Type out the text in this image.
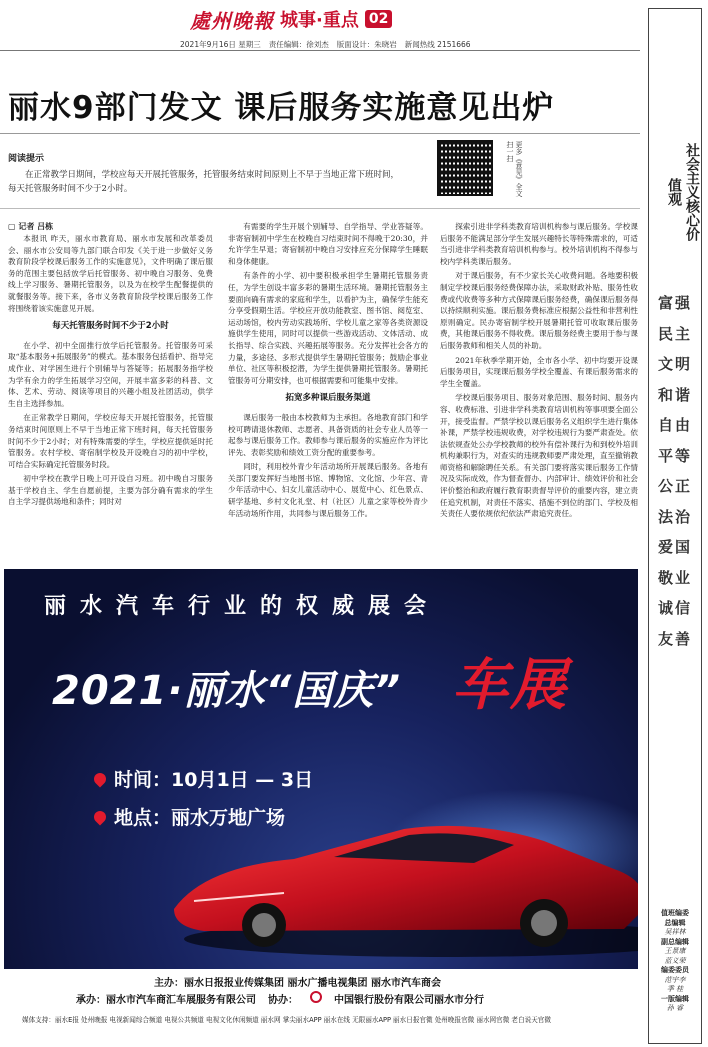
處州晚報 城事·重点 02
2021年9月16日 星期三 责任编辑：徐刘杰 版面设计：朱晓岩 新闻热线 2151666
丽水9部门发文 课后服务实施意见出炉
阅读提示

在正常教学日期间，学校应每天开展托管服务，托管服务结束时间原则上不早于当地正常下班时间，每天托管服务时间不少于2小时。	更多《意见》全文 扫一扫
▢ 记者 吕栋

本报讯 昨天，丽水市教育局、丽水市发展和改革委员会、丽水市公安局等九部门联合印发《关于进一步做好义务教育阶段学校课后服务工作的实施意见》，文件明确了课后服务的范围主要包括放学后托管服务、初中晚自习服务、免费线上学习服务、暑期托管服务，以及为在校学生配餐提供的就餐服务等。接下来，各市义务教育阶段学校课后服务工作将围绕着该实施意见开展。

每天托管服务时间不少于2小时

在小学、初中全面推行放学后托管服务。托管服务可采取“基本服务+拓展服务”的模式。基本服务包括看护、指导完成作业、对学困生进行个别辅导与答疑等；拓展服务指学校为学有余力的学生拓展学习空间，开展丰富多彩的科普、文体、艺术、劳动、阅读等项目的兴趣小组及社团活动，供学生自主选择参加。

在正常教学日期间，学校应每天开展托管服务，托管服务结束时间原则上不早于当地正常下班时间，每天托管服务时间不少于2小时；对有特殊需要的学生，学校应提供延时托管服务。农村学校、寄宿制学校及开设晚自习的初中学校，可结合实际确定托管服务时段。

初中学校在教学日晚上可开设自习班。初中晚自习服务基于学校自主、学生自愿前提，主要为部分确有需求的学生自主学习提供场地和条件；同时对

有需要的学生开展个别辅导、自学指导、学业答疑等。非寄宿制初中学生在校晚自习结束时间不得晚于20:30，并允许学生早退；寄宿制初中晚自习安排应充分保障学生睡眠和身体健康。

有条件的小学、初中要积极承担学生暑期托管服务责任，为学生创设丰富多彩的暑期生活环境。暑期托管服务主要面向确有需求的家庭和学生，以看护为主，确保学生能充分享受假期生活。学校应开放功能教室、图书馆、阅览室、运动场馆，校内劳动实践场所、学校儿童之家等各类资源设施供学生使用，同时可以提供一些游戏活动、文体活动、成长指导、综合实践、兴趣拓展等服务。充分发挥社会各方的力量，多途径、多形式提供学生暑期托管服务；鼓励企事业单位、社区等积极挖潜，为学生提供暑期托管服务。暑期托管服务可分期安排，也可根据需要和可能集中安排。

拓宽多种课后服务渠道

课后服务一般由本校教师为主承担。各地教育部门和学校可聘请退休教师、志愿者、具备资质的社会专业人员等一起参与课后服务工作。教师参与课后服务的实施应作为评比评先、表彰奖励和绩效工资分配的重要参考。

同时，利用校外青少年活动场所开展课后服务。各地有关部门要发挥好当地图书馆、博物馆、文化馆、少年宫、青少年活动中心、妇女儿童活动中心、展览中心、红色景点、研学基地、乡村文化礼堂、村（社区）儿童之家等校外青少年活动场所作用，共同参与课后服务工作。

探索引进非学科类教育培训机构参与课后服务。学校课后服务不能满足部分学生发展兴趣特长等特殊需求的，可适当引进非学科类教育培训机构参与。校外培训机构不得参与校内学科类课后服务。

对于课后服务，有不少家长关心收费问题。各地要积极制定学校课后服务经费保障办法，采取财政补贴、服务性收费或代收费等多种方式保障课后服务经费，确保课后服务得以持续顺利实施。课后服务费标准应根据公益性和非营利性原则确定。民办寄宿制学校开展暑期托管可收取课后服务费，其他课后服务不得收费。课后服务经费主要用于参与课后服务教师和相关人员的补助。

2021年秋季学期开始，全市各小学、初中均要开设课后服务项目，实现课后服务学校全覆盖、有课后服务需求的学生全覆盖。

学校课后服务项目、服务对象范围、服务时间、服务内容、收费标准、引进非学科类教育培训机构等事项要全面公开，接受监督。严禁学校以课后服务名义组织学生进行集体补课，严禁学校违规收费，对学校违规行为要严肃查处。依法依规查处公办学校教师的校外有偿补课行为和到校外培训机构兼职行为，对查实的违规教师要严肃处理，直至撤销教师资格和解除聘任关系。有关部门要将落实课后服务工作情况及实际成效，作为督查督办、内部审计、绩效评价和社会评价整治和政府履行教育职责督导评价的重要内容，建立责任追究机制，对责任不落实、措施不到位的部门、学校及相关责任人要依规依纪依法严肃追究责任。

丽水汽车行业的权威展会
2021·丽水“国庆” 车展
时间：10月1日 — 3日
地点：丽水万地广场
主办：丽水日报报业传媒集团 丽水广播电视集团 丽水市汽车商会
承办：丽水市汽车商汇车展服务有限公司 协办：	中国银行股份有限公司丽水市分行
媒体支持：丽水E报 处州晚报 电视新闻综合频道 电视公共频道 电视文化休闲频道 丽水网 掌尖丽水APP 丽水在线 无限丽水APP 丽水日报官微 处州晚报官微 丽水网官微 老白说天官微
社会主义核心价值观
富强
民主
文明
和谐
自由
平等
公正
法治
爱国
敬业
诚信
友善
值班编委
总编辑
吴祥林
副总编辑
王景康
蓝义荣
编委委员
范宇李
季 桂
一版编辑
孙 睿
